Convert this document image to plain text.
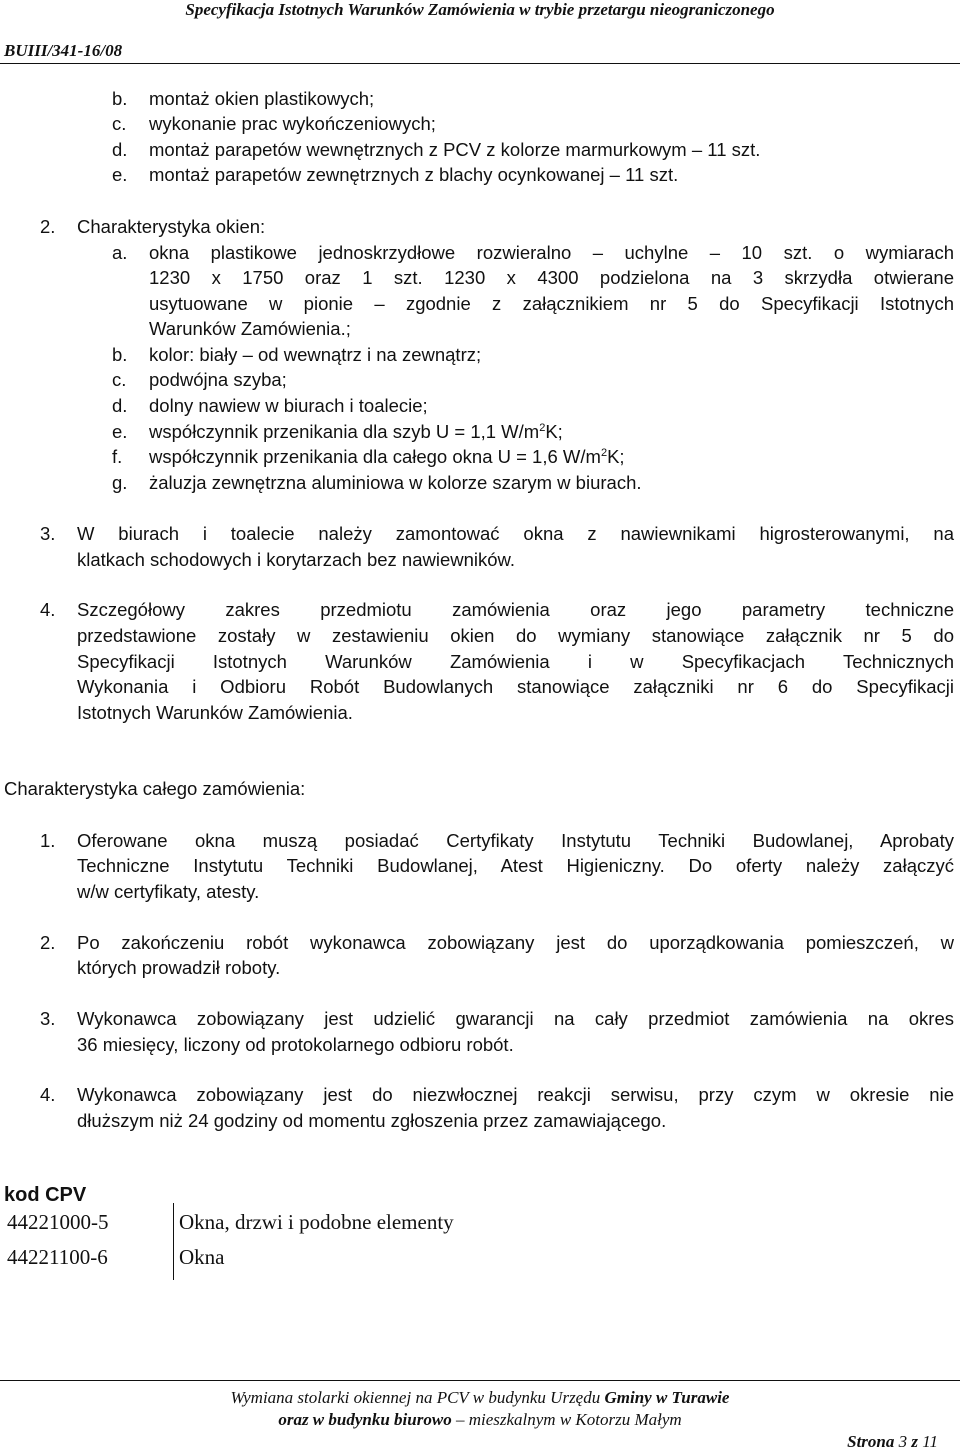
Specyfikacja Istotnych Warunków Zamówienia w trybie przetargu nieograniczonego
BUIII/341-16/08
b. montaż okien plastikowych;
c. wykonanie prac wykończeniowych;
d. montaż parapetów wewnętrznych z PCV z kolorze marmurkowym – 11 szt.
e. montaż parapetów zewnętrznych z blachy ocynkowanej – 11 szt.
2. Charakterystyka okien:
a. okna plastikowe jednoskrzydłowe rozwieralno – uchylne – 10 szt. o wymiarach
1230 x 1750 oraz 1 szt. 1230 x 4300 podzielona na 3 skrzydła otwierane
usytuowane w pionie – zgodnie z załącznikiem nr 5 do Specyfikacji Istotnych
Warunków Zamówienia.;
b. kolor: biały – od wewnątrz i na zewnątrz;
c. podwójna szyba;
d. dolny nawiew w biurach i toalecie;
e. współczynnik przenikania dla szyb U = 1,1 $W/m^2K$;
f. współczynnik przenikania dla całego okna U = 1,6 $W/m^2K$;
g. żaluzja zewnętrzna aluminiowa w kolorze szarym w biurach.
3. W biurach i toalecie należy zamontować okna z nawiewnikami higrosterowanymi, na
klatkach schodowych i korytarzach bez nawiewników.
4. Szczegółowy zakres przedmiotu zamówienia oraz jego parametry techniczne
przedstawione zostały w zestawieniu okien do wymiany stanowiące załącznik nr 5 do
Specyfikacji Istotnych Warunków Zamówienia i w Specyfikacjach Technicznych
Wykonania i Odbioru Robót Budowlanych stanowiące załączniki nr 6 do Specyfikacji
Istotnych Warunków Zamówienia.
Charakterystyka całego zamówienia:
1. Oferowane okna muszą posiadać Certyfikaty Instytutu Techniki Budowlanej, Aprobaty
Techniczne Instytutu Techniki Budowlanej, Atest Higieniczny. Do oferty należy załączyć
w/w certyfikaty, atesty.
2. Po zakończeniu robót wykonawca zobowiązany jest do uporządkowania pomieszczeń, w
których prowadził roboty.
3. Wykonawca zobowiązany jest udzielić gwarancji na cały przedmiot zamówienia na okres
36 miesięcy, liczony od protokolarnego odbioru robót.
4. Wykonawca zobowiązany jest do niezwłocznej reakcji serwisu, przy czym w okresie nie
dłuższym niż 24 godziny od momentu zgłoszenia przez zamawiającego.
kod CPV
44221000-5	Okna, drzwi i podobne elementy
44221100-6	Okna
Wymiana stolarki okiennej na PCV w budynku Urzędu Gminy w Turawie
oraz w budynku biurowo – mieszkalnym w Kotorzu Małym
Strona 3 z 11
